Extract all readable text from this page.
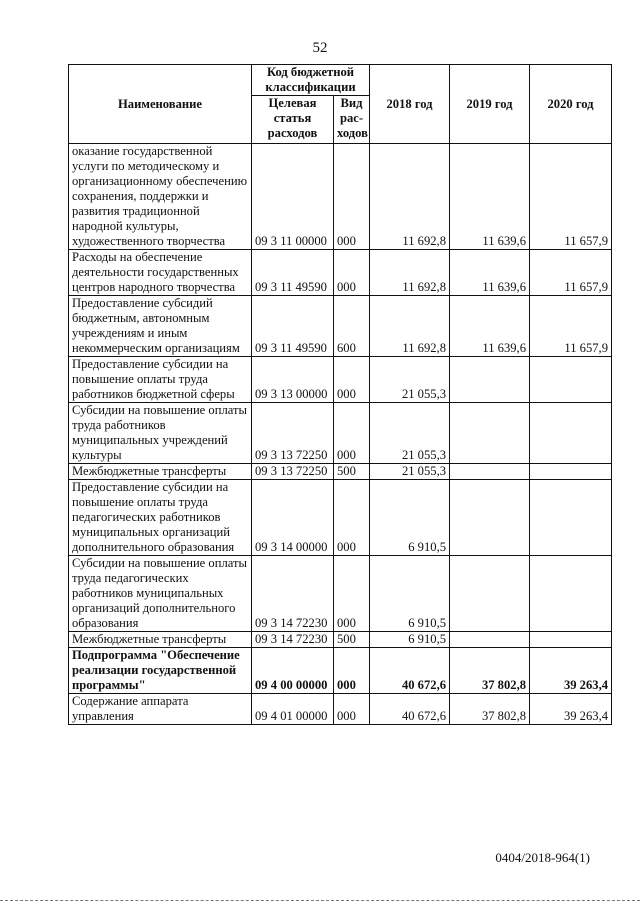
52
Наименование	Код бюджетной классификации		2018 год	2019 год	2020 год
	Целевая статья расходов	Вид рас-ходов			
оказание государственной услуги по методическому и организационному обеспечению сохранения, поддержки и развития традиционной народной культуры, художественного творчества	09 3 11 00000	000	11 692,8	11 639,6	11 657,9
Расходы на обеспечение деятельности государственных центров народного творчества	09 3 11 49590	000	11 692,8	11 639,6	11 657,9
Предоставление субсидий бюджетным, автономным учреждениям и иным некоммерческим организациям	09 3 11 49590	600	11 692,8	11 639,6	11 657,9
Предоставление субсидии на повышение оплаты труда работников бюджетной сферы	09 3 13 00000	000	21 055,3		
Субсидии на повышение оплаты труда работников муниципальных учреждений культуры	09 3 13 72250	000	21 055,3		
Межбюджетные трансферты	09 3 13 72250	500	21 055,3		
Предоставление субсидии на повышение оплаты труда педагогических работников муниципальных организаций дополнительного образования	09 3 14 00000	000	6 910,5		
Субсидии на повышение оплаты труда педагогических работников муниципальных организаций дополнительного образования	09 3 14 72230	000	6 910,5		
Межбюджетные трансферты	09 3 14 72230	500	6 910,5		
Подпрограмма "Обеспечение реализации государственной программы"	09 4 00 00000	000	40 672,6	37 802,8	39 263,4
Содержание аппарата управления	09 4 01 00000	000	40 672,6	37 802,8	39 263,4
0404/2018-964(1)
